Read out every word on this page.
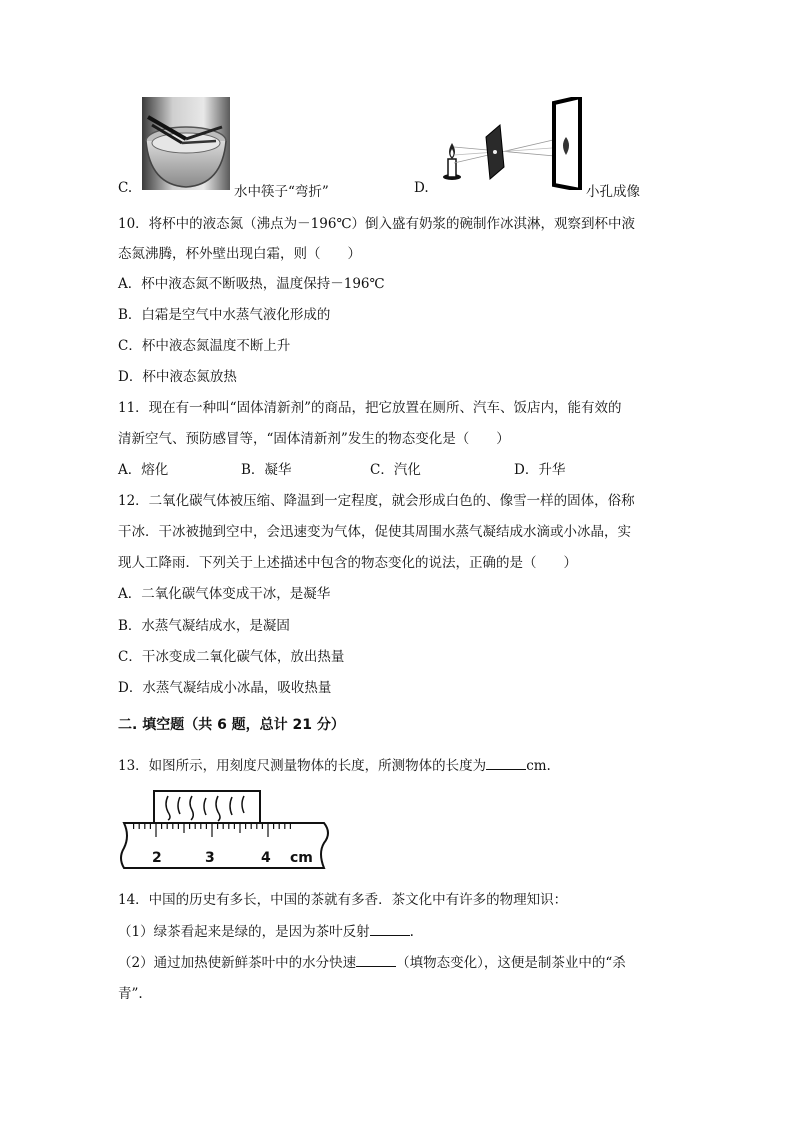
C.	水中筷子“弯折”	D.	小孔成像
10．将杯中的液态氮（沸点为－196℃）倒入盛有奶浆的碗制作冰淇淋，观察到杯中液
态氮沸腾，杯外壁出现白霜，则（　　）
A．杯中液态氮不断吸热，温度保持－196℃
B．白霜是空气中水蒸气液化形成的
C．杯中液态氮温度不断上升
D．杯中液态氮放热
11．现在有一种叫“固体清新剂”的商品，把它放置在厕所、汽车、饭店内，能有效的
清新空气、预防感冒等，“固体清新剂”发生的物态变化是（　　）
A．熔化	B．凝华	C．汽化	D．升华
12．二氧化碳气体被压缩、降温到一定程度，就会形成白色的、像雪一样的固体，俗称
干冰．干冰被抛到空中，会迅速变为气体，促使其周围水蒸气凝结成水滴或小冰晶，实
现人工降雨．下列关于上述描述中包含的物态变化的说法，正确的是（　　）
A．二氧化碳气体变成干冰，是凝华
B．水蒸气凝结成水，是凝固
C．干冰变成二氧化碳气体，放出热量
D．水蒸气凝结成小冰晶，吸收热量
二. 填空题（共 6 题，总计 21 分）
13．如图所示，用刻度尺测量物体的长度，所测物体的长度为	cm.
2	3	4 cm
14．中国的历史有多长，中国的茶就有多香．茶文化中有许多的物理知识：
（1）绿茶看起来是绿的，是因为茶叶反射	.
（2）通过加热使新鲜茶叶中的水分快速	（填物态变化），这便是制茶业中的“杀
青”.
